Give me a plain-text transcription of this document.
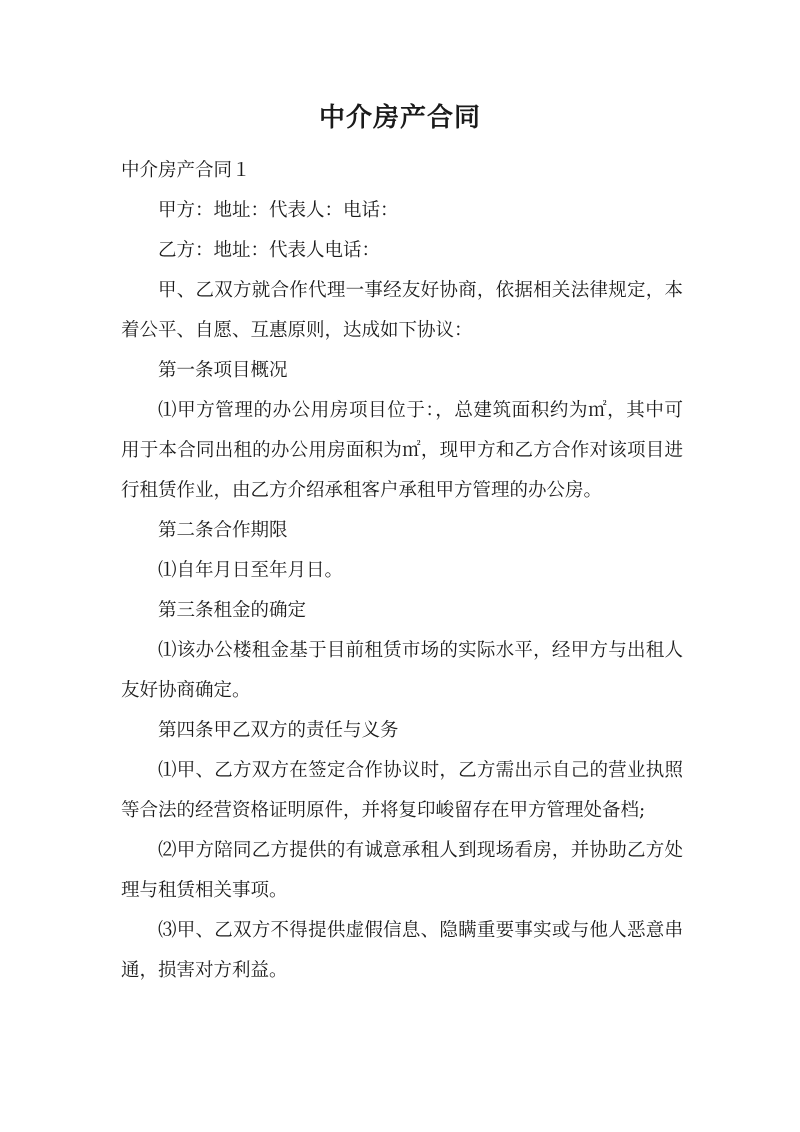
中介房产合同

中介房产合同１

甲方：地址：代表人：电话：

乙方：地址：代表人电话：

甲、乙双方就合作代理一事经友好协商，依据相关法律规定，本着公平、自愿、互惠原则，达成如下协议：

第一条项目概况

⑴甲方管理的办公用房项目位于：，总建筑面积约为㎡，其中可用于本合同出租的办公用房面积为㎡，现甲方和乙方合作对该项目进行租赁作业，由乙方介绍承租客户承租甲方管理的办公房。

第二条合作期限

⑴自年月日至年月日。

第三条租金的确定

⑴该办公楼租金基于目前租赁市场的实际水平，经甲方与出租人友好协商确定。

第四条甲乙双方的责任与义务

⑴甲、乙方双方在签定合作协议时，乙方需出示自己的营业执照等合法的经营资格证明原件，并将复印峻留存在甲方管理处备档;

⑵甲方陪同乙方提供的有诚意承租人到现场看房，并协助乙方处理与租赁相关事项。

⑶甲、乙双方不得提供虚假信息、隐瞒重要事实或与他人恶意串通，损害对方利益。
